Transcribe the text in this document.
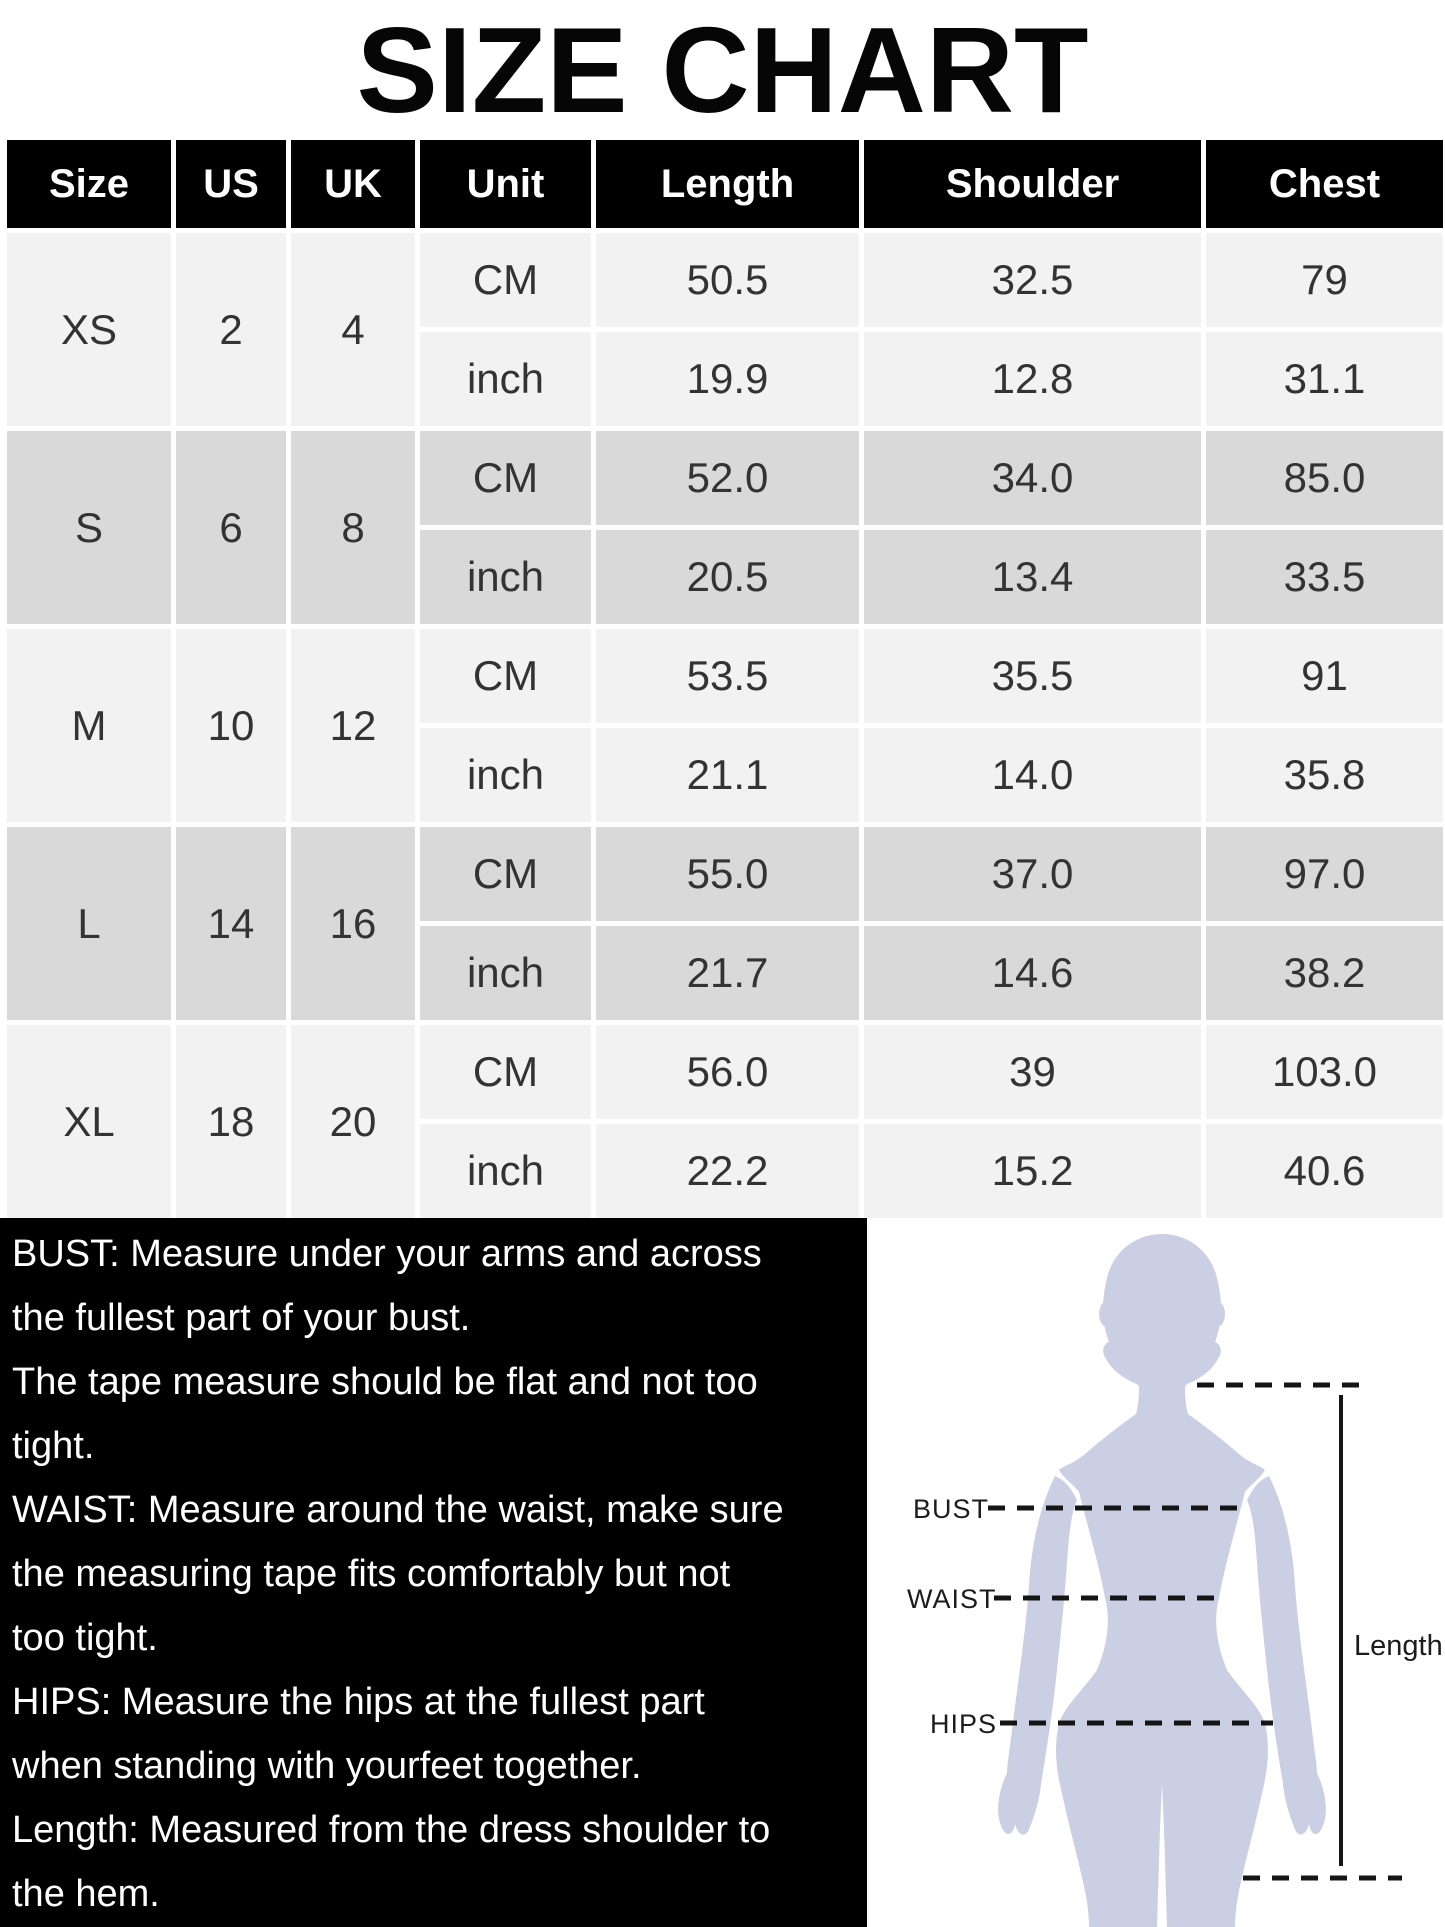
SIZE CHART
Size	US	UK	Unit	Length	Shoulder	Chest
XS	2	4
CM	50.5	32.5	79
inch	19.9	12.8	31.1
S	6	8
CM	52.0	34.0	85.0
inch	20.5	13.4	33.5
M	10	12
CM	53.5	35.5	91
inch	21.1	14.0	35.8
L	14	16
CM	55.0	37.0	97.0
inch	21.7	14.6	38.2
XL	18	20
CM	56.0	39	103.0
inch	22.2	15.2	40.6
BUST: Measure under your arms and across
the fullest part of your bust.
The tape measure should be flat and not too
tight.
WAIST: Measure around the waist, make sure
the measuring tape fits comfortably but not
too tight.
HIPS: Measure the hips at the fullest part
when standing with yourfeet together.
Length: Measured from the dress shoulder to
the hem.
BUST
WAIST
HIPS
Length
